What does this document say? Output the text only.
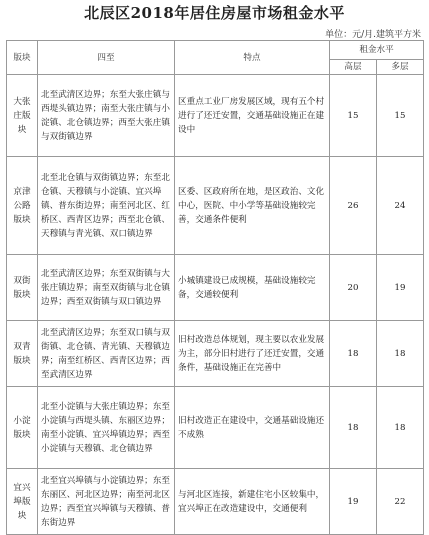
北辰区2018年居住房屋市场租金水平
单位：元/月.建筑平方米
版块	四至	特点	租金水平	
			高层	多层
大张庄版块	北至武清区边界；东至大张庄镇与西堤头镇边界；南至大张庄镇与小淀镇、北仓镇边界；西至大张庄镇与双街镇边界	区重点工业厂房发展区域，现有五个村进行了还迁安置，交通基础设施正在建设中	15	15
京津公路版块	北至北仓镇与双街镇边界；东至北仓镇、天穆镇与小淀镇、宜兴埠镇、普东街边界；南至河北区、红桥区、西青区边界；西至北仓镇、天穆镇与青光镇、双口镇边界	区委、区政府所在地，是区政治、文化中心，医院、中小学等基础设施较完善，交通条件便利	26	24
双街版块	北至武清区边界；东至双街镇与大张庄镇边界；南至双街镇与北仓镇边界；西至双街镇与双口镇边界	小城镇建设已成规模，基础设施较完备，交通较便利	20	19
双青版块	北至武清区边界；东至双口镇与双街镇、北仓镇、青光镇、天穆镇边界；南至红桥区、西青区边界；西至武清区边界	旧村改造总体规划，现主要以农业发展为主，部分旧村进行了还迁安置，交通条件，基础设施正在完善中	18	18
小淀版块	北至小淀镇与大张庄镇边界；东至小淀镇与西堤头镇、东丽区边界；南至小淀镇、宜兴埠镇边界；西至小淀镇与天穆镇、北仓镇边界	旧村改造正在建设中，交通基础设施还不成熟	18	18
宜兴埠版块	北至宜兴埠镇与小淀镇边界；东至东丽区、河北区边界；南至河北区边界；西至宜兴埠镇与天穆镇、普东街边界	与河北区连接，新建住宅小区较集中，宜兴埠正在改造建设中，交通便利	19	22
